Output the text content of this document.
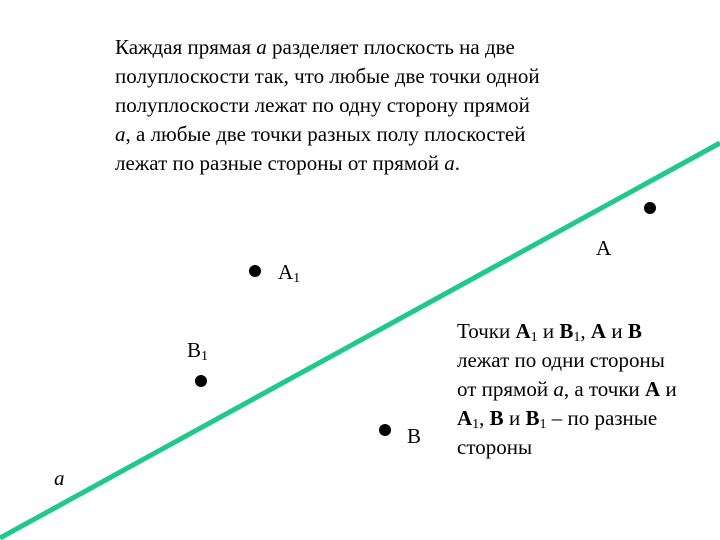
Каждая прямая a разделяет плоскость на две

полуплоскости так, что любые две точки одной

полуплоскости лежат по одну сторону прямой

a, а любые две точки разных полу плоскостей

лежат по разные стороны от прямой a.

A
$A_1$
$B_1$
B
a

Точки $A_1$ и $B_1$, A и B

лежат по одни стороны

от прямой a, а точки A и

$A_1$, B и $B_1$ – по разные

стороны
